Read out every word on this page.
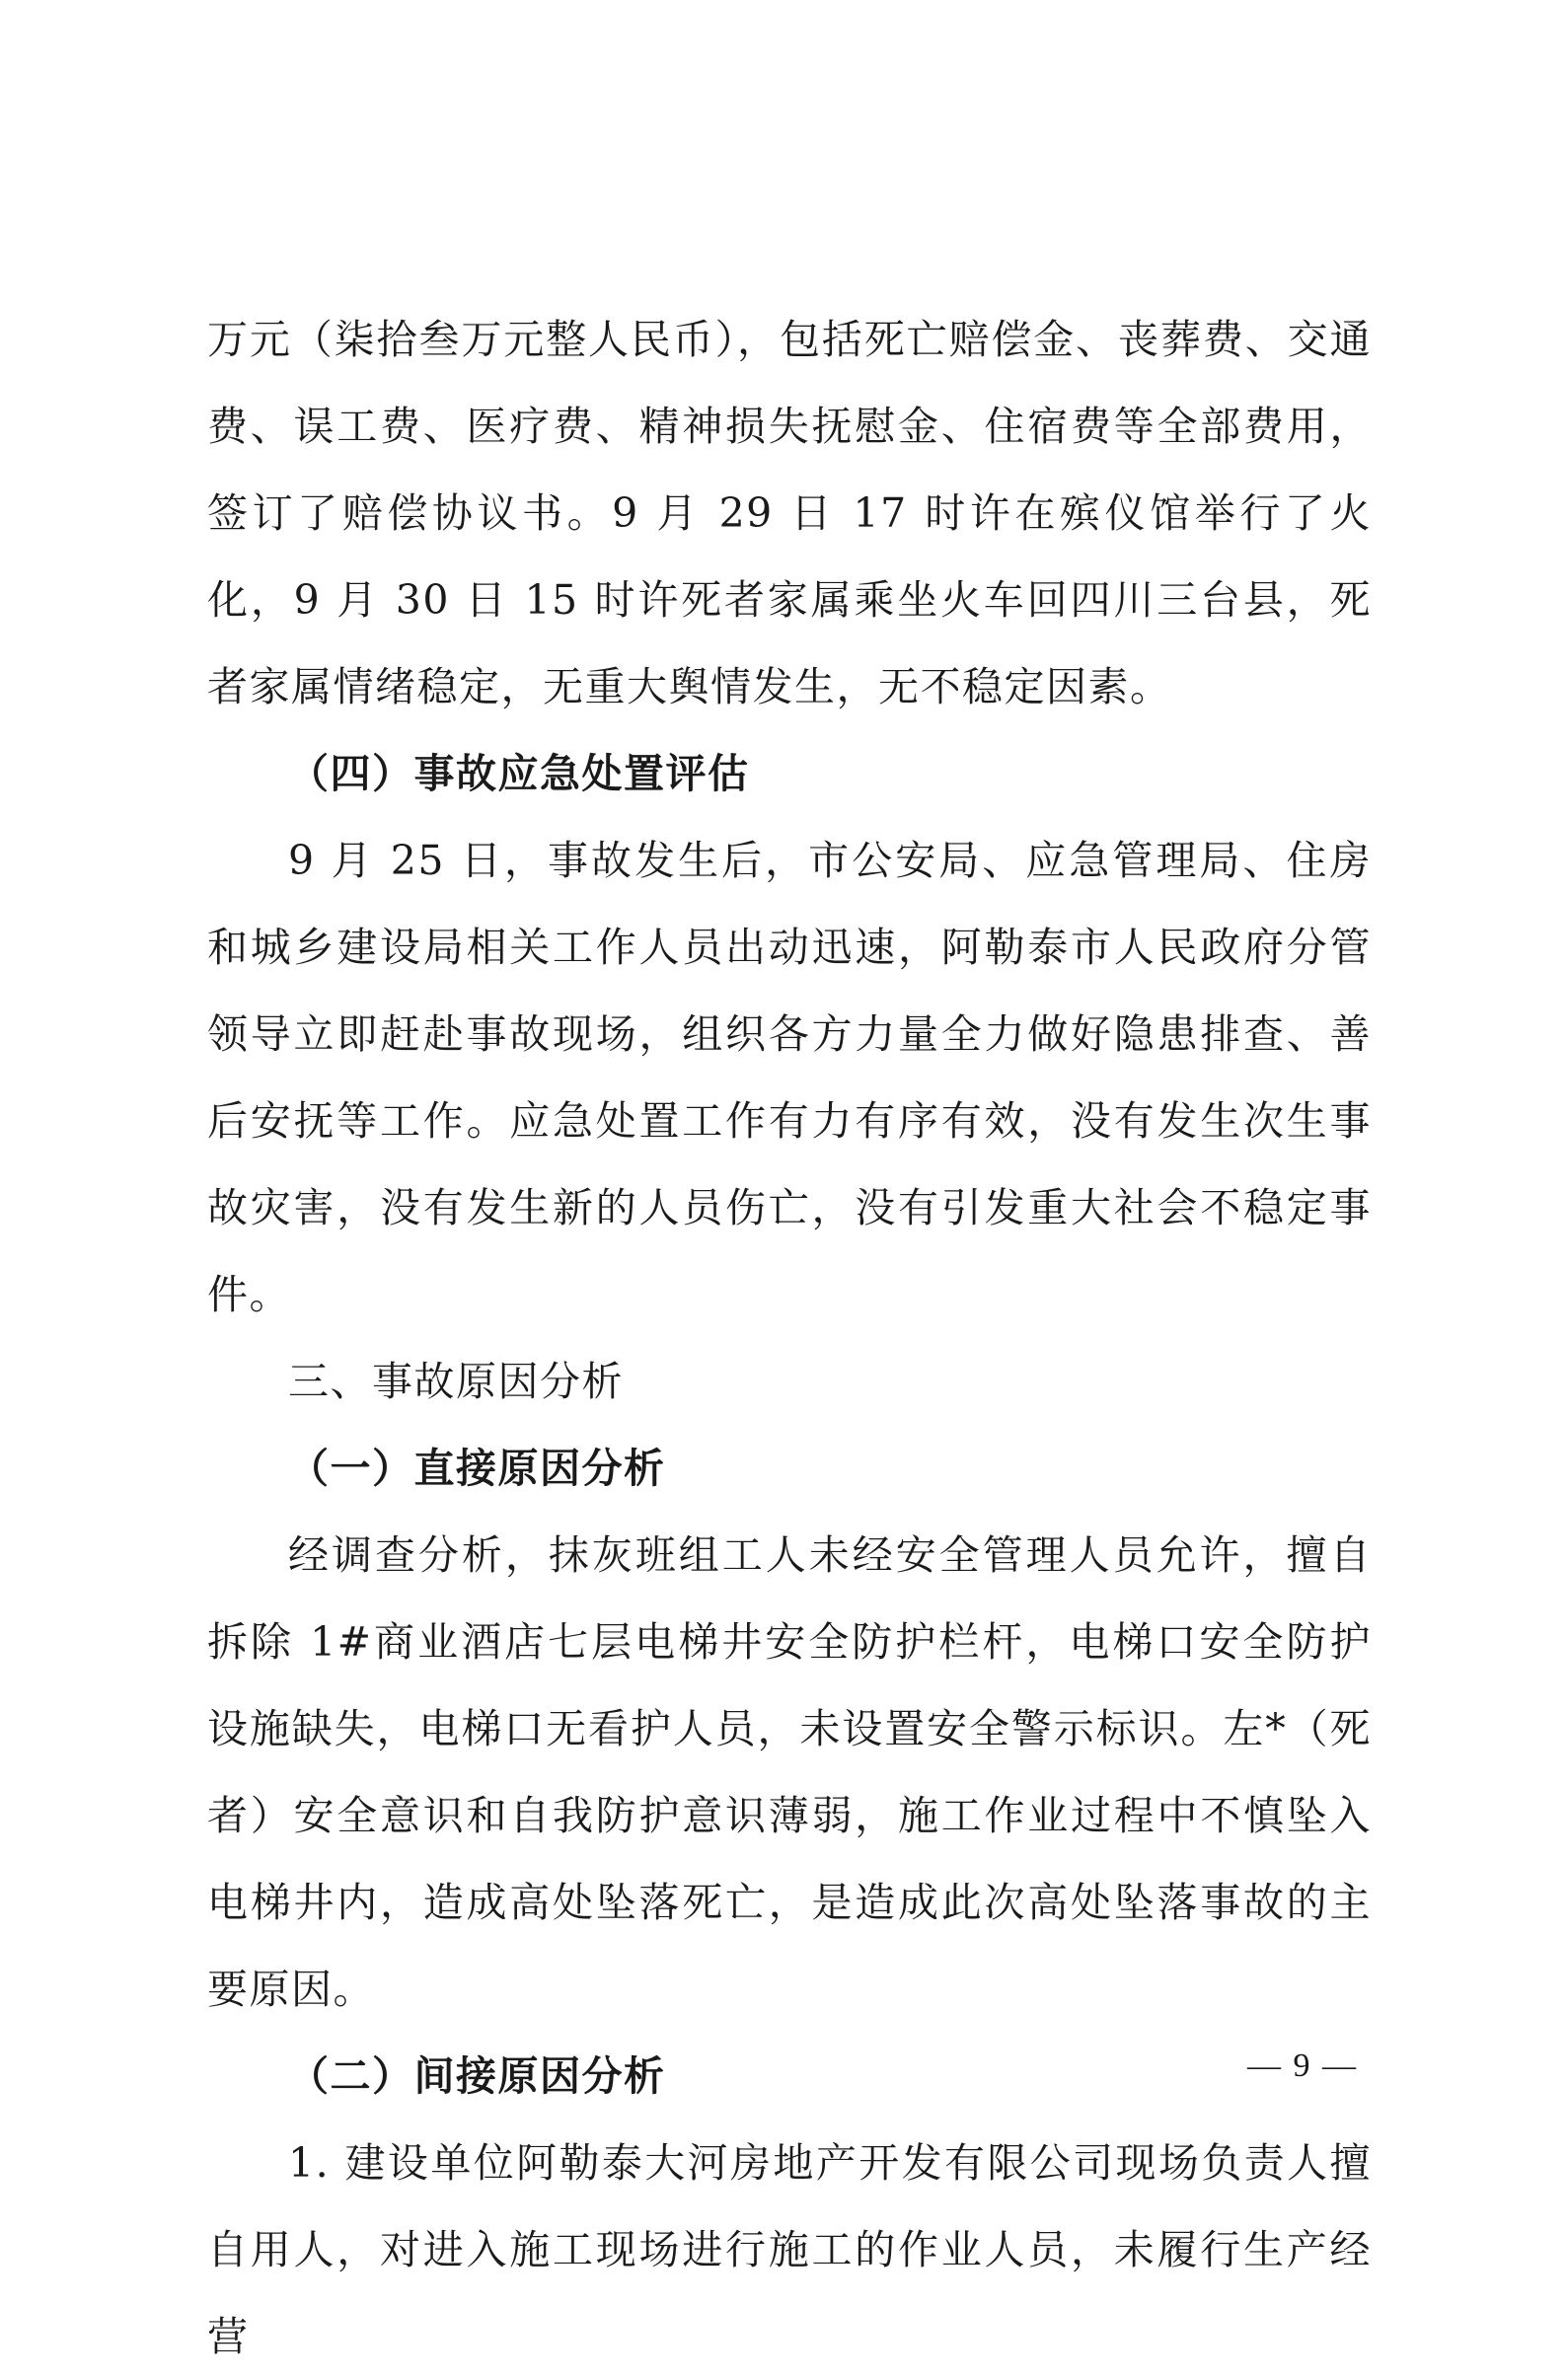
万元（柒拾叁万元整人民币），包括死亡赔偿金、丧葬费、交通费、误工费、医疗费、精神损失抚慰金、住宿费等全部费用，签订了赔偿协议书。9 月 29 日 17 时许在殡仪馆举行了火化，9 月 30 日 15 时许死者家属乘坐火车回四川三台县，死者家属情绪稳定，无重大舆情发生，无不稳定因素。

（四）事故应急处置评估

9 月 25 日，事故发生后，市公安局、应急管理局、住房和城乡建设局相关工作人员出动迅速，阿勒泰市人民政府分管领导立即赶赴事故现场，组织各方力量全力做好隐患排查、善后安抚等工作。应急处置工作有力有序有效，没有发生次生事故灾害，没有发生新的人员伤亡，没有引发重大社会不稳定事件。

三、事故原因分析

（一）直接原因分析

经调查分析，抹灰班组工人未经安全管理人员允许，擅自拆除 1#商业酒店七层电梯井安全防护栏杆，电梯口安全防护设施缺失，电梯口无看护人员，未设置安全警示标识。左*（死者）安全意识和自我防护意识薄弱，施工作业过程中不慎坠入电梯井内，造成高处坠落死亡，是造成此次高处坠落事故的主要原因。

（二）间接原因分析

1. 建设单位阿勒泰大河房地产开发有限公司现场负责人擅自用人，对进入施工现场进行施工的作业人员，未履行生产经营

— 9 —
